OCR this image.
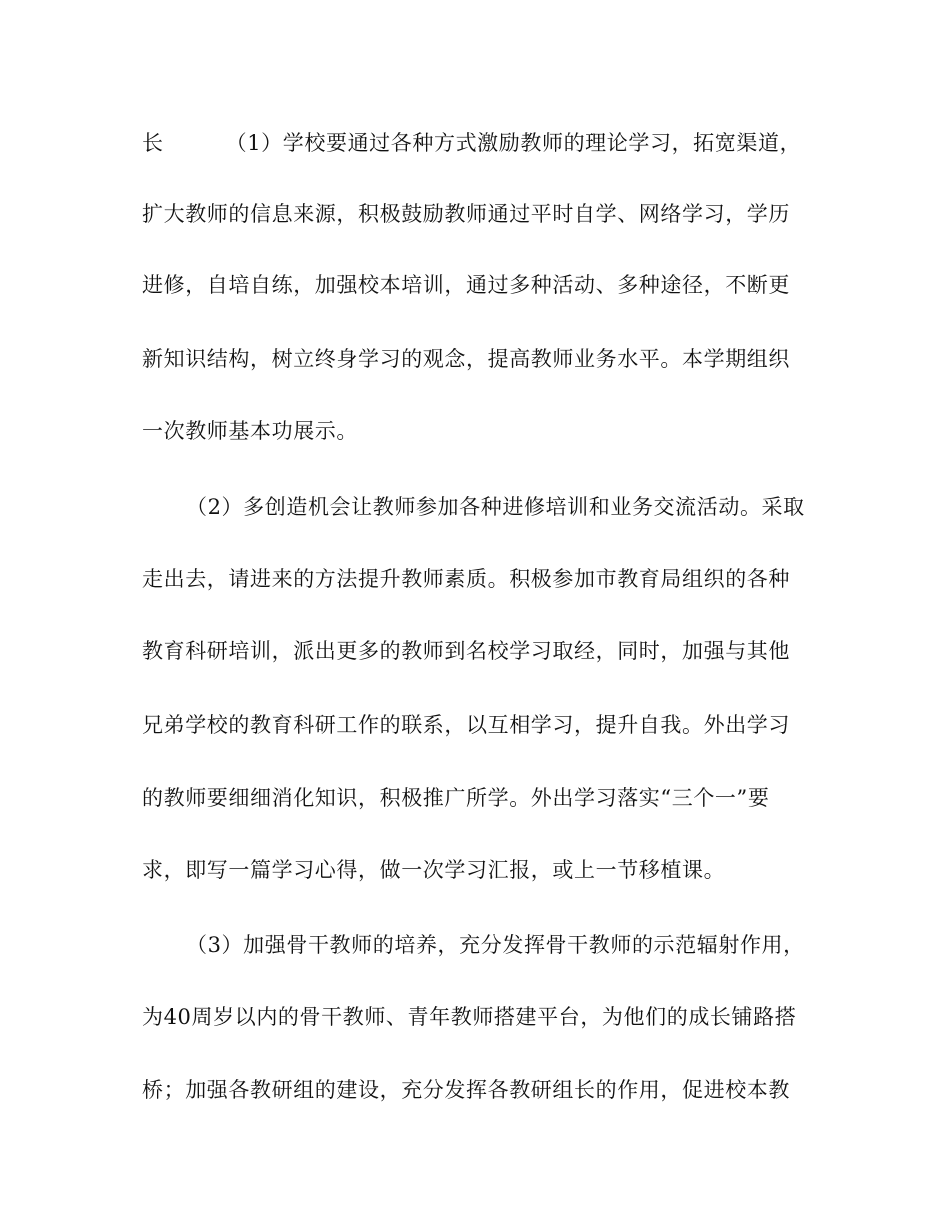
长	（1）学校要通过各种方式激励教师的理论学习，拓宽渠道，
扩大教师的信息来源，积极鼓励教师通过平时自学、网络学习，学历
进修，自培自练，加强校本培训，通过多种活动、多种途径，不断更
新知识结构，树立终身学习的观念，提高教师业务水平。本学期组织
一次教师基本功展示。
（2）多创造机会让教师参加各种进修培训和业务交流活动。采取
走出去，请进来的方法提升教师素质。积极参加市教育局组织的各种
教育科研培训，派出更多的教师到名校学习取经，同时，加强与其他
兄弟学校的教育科研工作的联系，以互相学习，提升自我。外出学习
的教师要细细消化知识，积极推广所学。外出学习落实“三个一”要
求，即写一篇学习心得，做一次学习汇报，或上一节移植课。
（3）加强骨干教师的培养，充分发挥骨干教师的示范辐射作用，
为40周岁以内的骨干教师、青年教师搭建平台，为他们的成长铺路搭
桥；加强各教研组的建设，充分发挥各教研组长的作用，促进校本教
